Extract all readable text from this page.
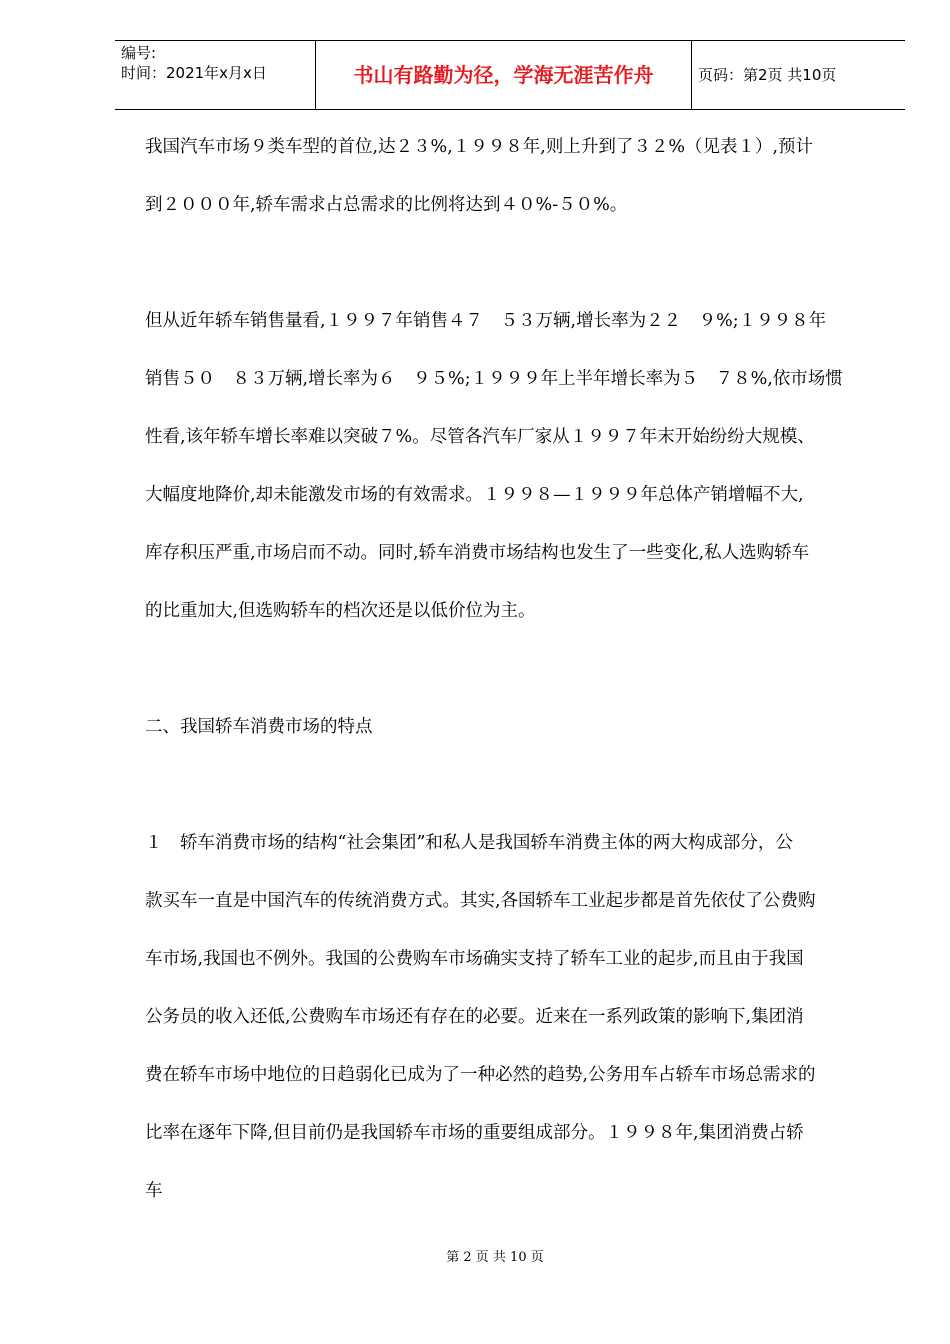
编号:
时间：2021年x月x日	书山有路勤为径，学海无涯苦作舟	页码：第2页 共10页
我国汽车市场９类车型的首位,达２３%,１９９８年,则上升到了３２%（见表１）,预计
到２０００年,轿车需求占总需求的比例将达到４０%-５０%。
但从近年轿车销售量看,１９９７年销售４７　５３万辆,增长率为２２　９%;１９９８年
销售５０　８３万辆,增长率为６　９５%;１９９９年上半年增长率为５　７８%,依市场惯
性看,该年轿车增长率难以突破７%。尽管各汽车厂家从１９９７年末开始纷纷大规模、
大幅度地降价,却未能激发市场的有效需求。１９９８—１９９９年总体产销增幅不大,
库存积压严重,市场启而不动。同时,轿车消费市场结构也发生了一些变化,私人选购轿车
的比重加大,但选购轿车的档次还是以低价位为主。
二、我国轿车消费市场的特点
１　轿车消费市场的结构“社会集团”和私人是我国轿车消费主体的两大构成部分，公
款买车一直是中国汽车的传统消费方式。其实,各国轿车工业起步都是首先依仗了公费购
车市场,我国也不例外。我国的公费购车市场确实支持了轿车工业的起步,而且由于我国
公务员的收入还低,公费购车市场还有存在的必要。近来在一系列政策的影响下,集团消
费在轿车市场中地位的日趋弱化已成为了一种必然的趋势,公务用车占轿车市场总需求的
比率在逐年下降,但目前仍是我国轿车市场的重要组成部分。１９９８年,集团消费占轿
车
第 2 页 共 10 页
